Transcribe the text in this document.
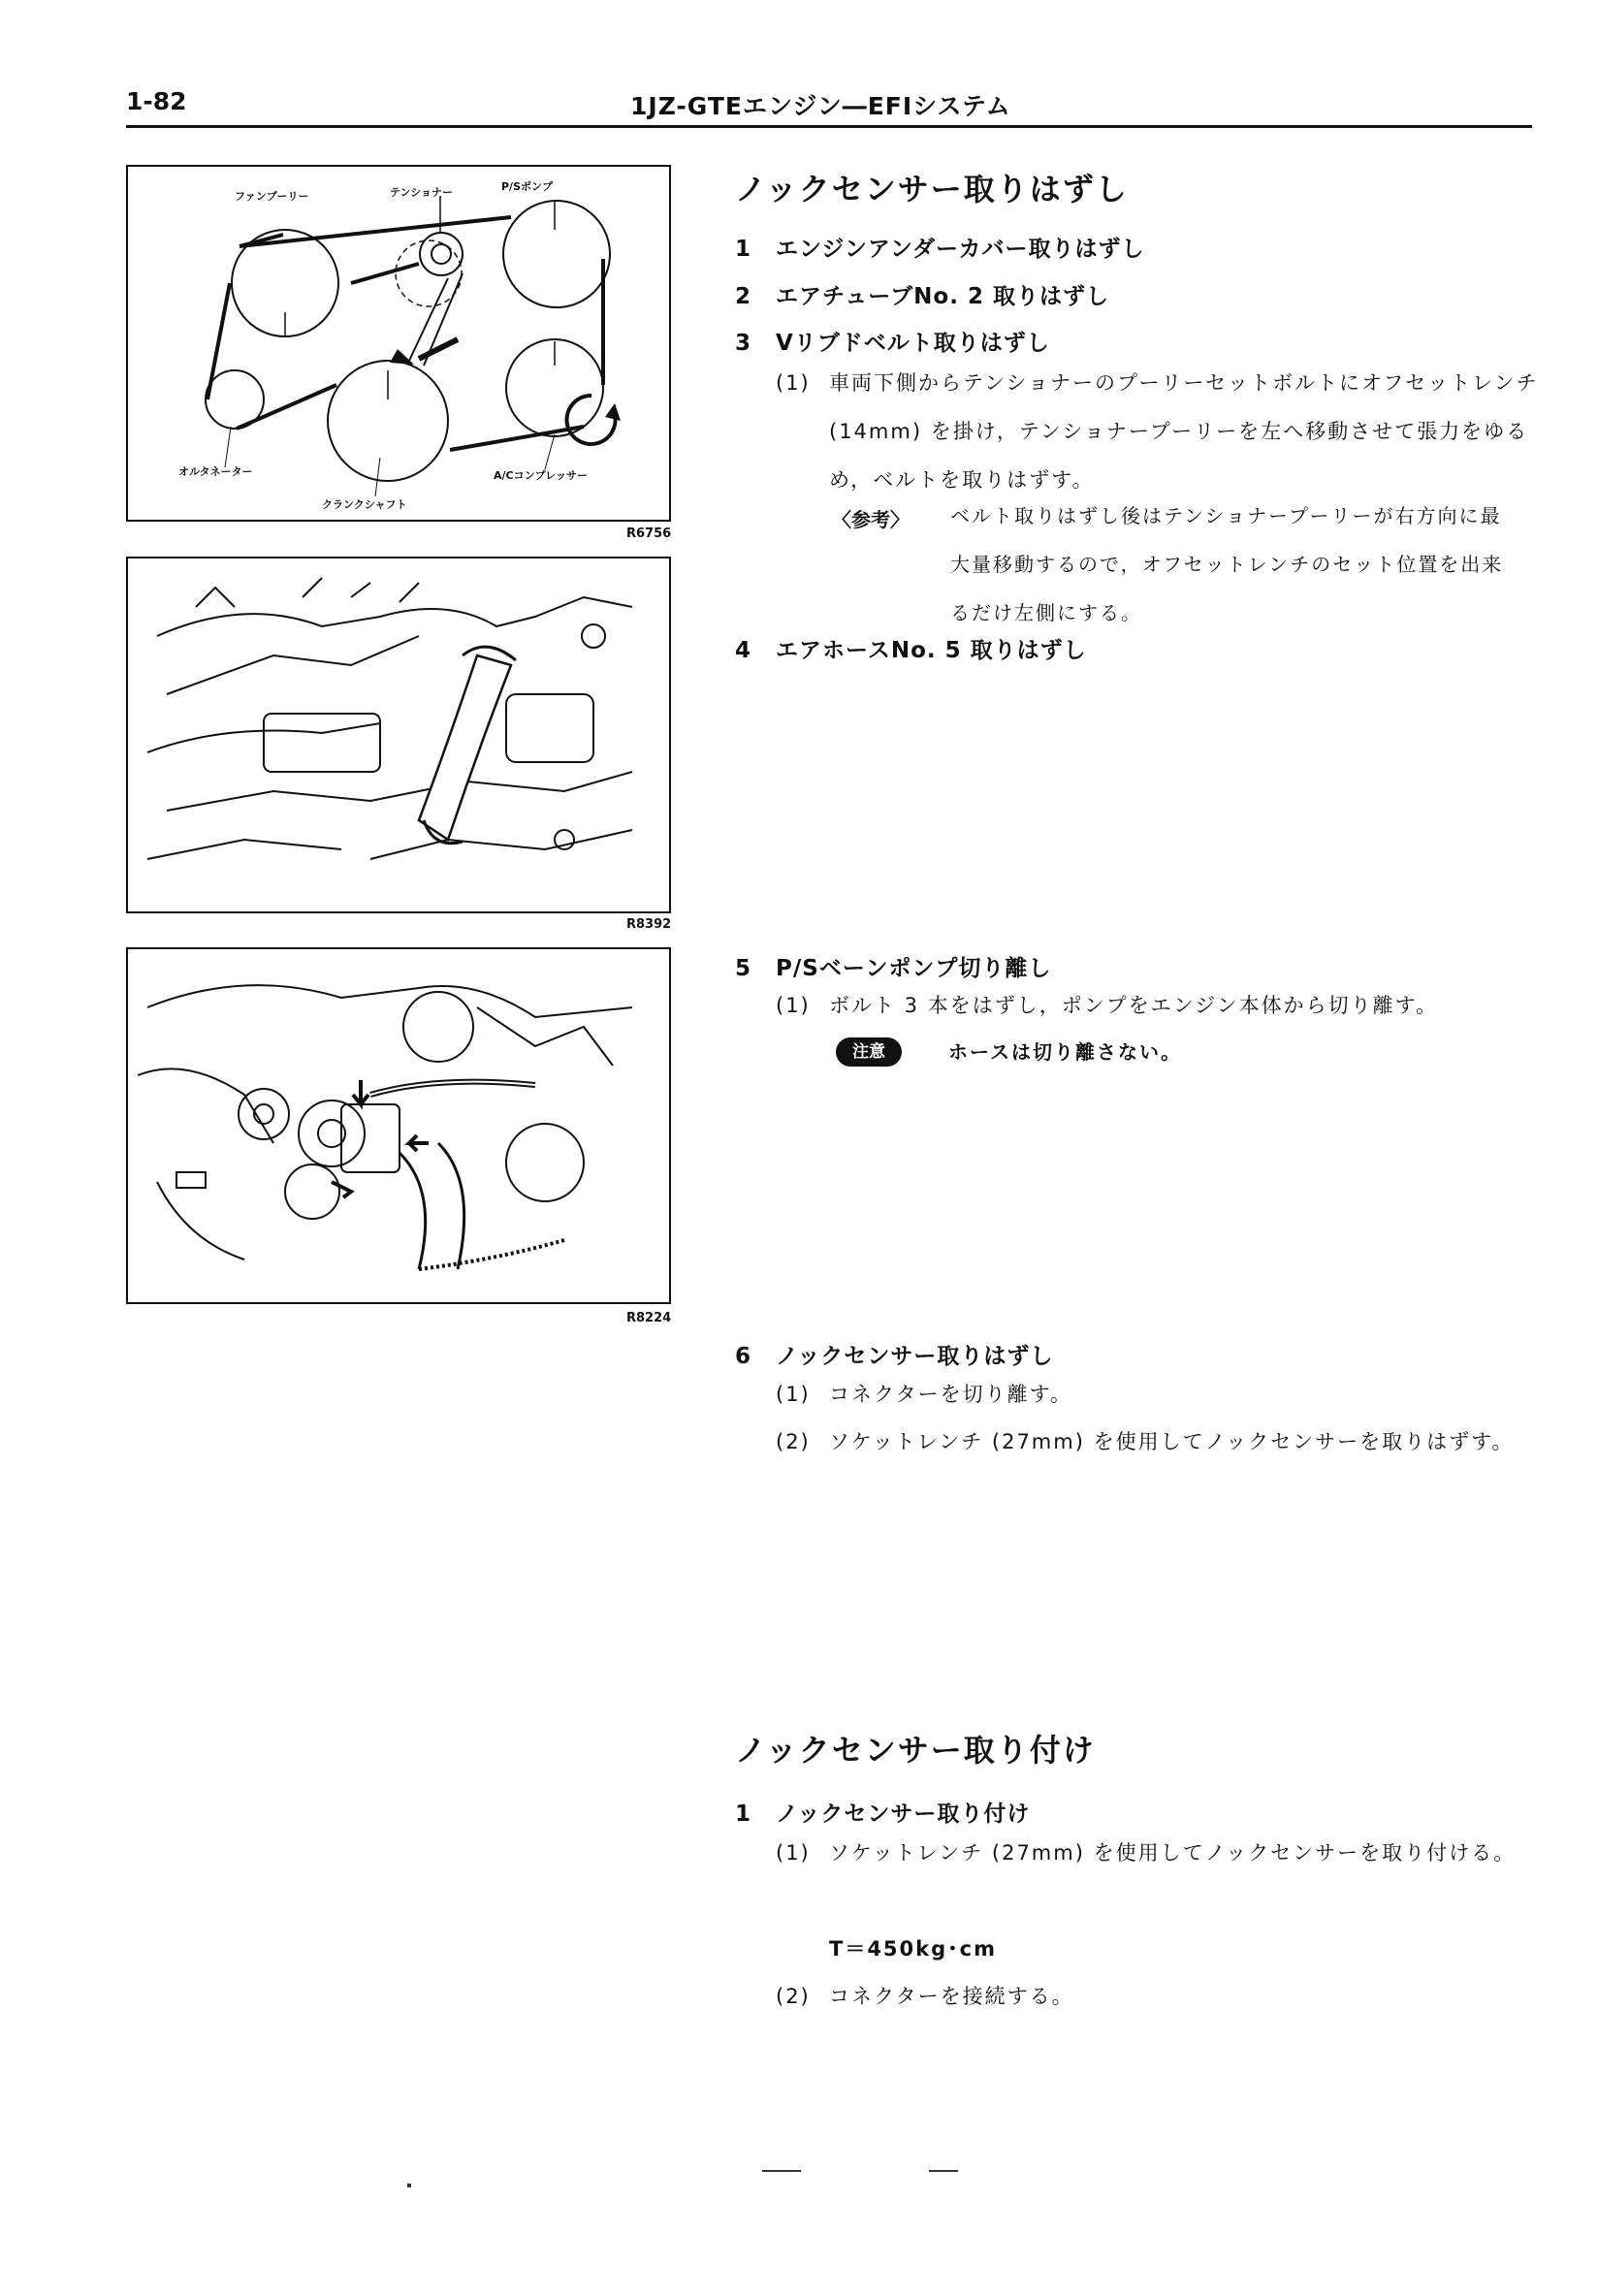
1-82	1JZ-GTEエンジン―EFIシステム
ファンプーリー	テンショナー	P/Sポンプ
オルタネーター
クランクシャフト
A/Cコンプレッサー
R6756
R8392
R8224
ノックセンサー取りはずし
1 エンジンアンダーカバー取りはずし
2 エアチューブNo. 2 取りはずし
3 Vリブドベルト取りはずし
(1) 車両下側からテンショナーのプーリーセットボルトにオフセットレンチ (14mm) を掛け，テンショナープーリーを左へ移動させて張力をゆるめ，ベルトを取りはずす。
〈参考〉 ベルト取りはずし後はテンショナープーリーが右方向に最大量移動するので，オフセットレンチのセット位置を出来るだけ左側にする。
4 エアホースNo. 5 取りはずし
5 P/Sベーンポンプ切り離し
(1) ボルト 3 本をはずし，ポンプをエンジン本体から切り離す。
注意	ホースは切り離さない。
6 ノックセンサー取りはずし
(1) コネクターを切り離す。
(2) ソケットレンチ (27mm) を使用してノックセンサーを取りはずす。
ノックセンサー取り付け
1 ノックセンサー取り付け
(1) ソケットレンチ (27mm) を使用してノックセンサーを取り付ける。
T＝450kg･cm
(2) コネクターを接続する。
